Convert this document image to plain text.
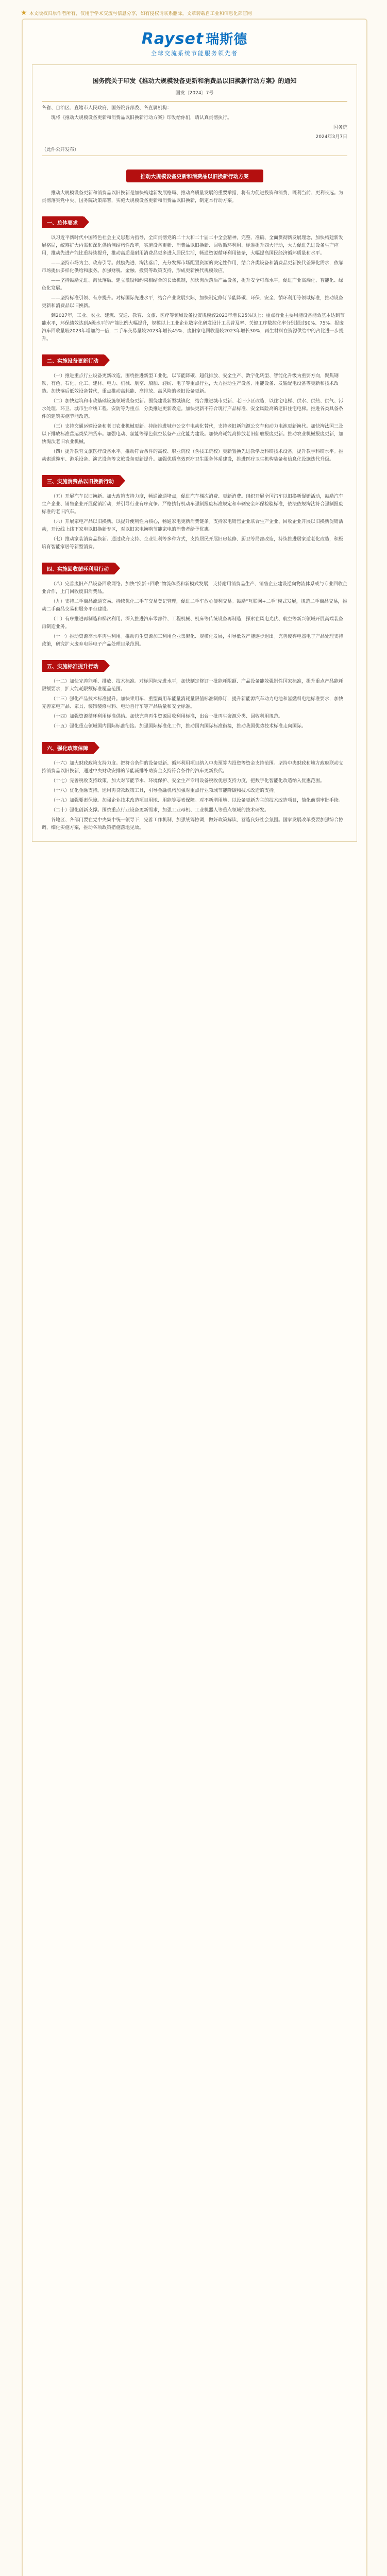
★ 本文版权归原作者所有，仅用于学术交流与信息分享，如有侵权请联系删除。文章转载自工业和信息化部官网
Rayset 瑞斯德
全球交流系统节能服务领先者
国务院关于印发《推动大规模设备更新和消费品以旧换新行动方案》的通知
国发〔2024〕7号
各省、自治区、直辖市人民政府，国务院各部委、各直属机构：
现将《推动大规模设备更新和消费品以旧换新行动方案》印发给你们，请认真贯彻执行。
国务院
2024年3月7日
（此件公开发布）
推动大规模设备更新和消费品以旧换新行动方案
推动大规模设备更新和消费品以旧换新是加快构建新发展格局、推动高质量发展的重要举措，将有力促进投资和消费，既利当前、更利长远。为贯彻落实党中央、国务院决策部署，实施大规模设备更新和消费品以旧换新，制定本行动方案。
一、总体要求
以习近平新时代中国特色社会主义思想为指导，全面贯彻党的二十大和二十届二中全会精神，完整、准确、全面贯彻新发展理念，加快构建新发展格局，统筹扩大内需和深化供给侧结构性改革，实施设备更新、消费品以旧换新、回收循环利用、标准提升四大行动，大力促进先进设备生产应用，推动先进产能比重持续提升，推动高质量耐用消费品更多进入居民生活，畅通资源循环利用链条，大幅提高国民经济循环质量和水平。
——坚持市场为主、政府引导。鼓励先进、淘汰落后，充分发挥市场配置资源的决定性作用，结合各类设备和消费品更新换代差异化需求，依靠市场提供多样化供给和服务。加强财税、金融、投资等政策支持，形成更新换代规模效应。
——坚持鼓励先进、淘汰落后。建立激励和约束相结合的长效机制，加快淘汰落后产品设备，提升安全可靠水平，促进产业高端化、智能化、绿色化发展。
——坚持标准引领、有序提升。对标国际先进水平，结合产业发展实际，加快制定修订节能降碳、环保、安全、循环利用等领域标准，推动设备更新和消费品以旧换新。
到2027年，工业、农业、建筑、交通、教育、文旅、医疗等领域设备投资规模较2023年增长25%以上；重点行业主要用能设备能效基本达到节能水平，环保绩效达到A级水平的产能比例大幅提升，规模以上工业企业数字化研发设计工具普及率、关键工序数控化率分别超过90%、75%。报废汽车回收量较2023年增加约一倍，二手车交易量较2023年增长45%，废旧家电回收量较2023年增长30%，再生材料在资源供给中的占比进一步提升。
二、实施设备更新行动
（一）推进重点行业设备更新改造。围绕推进新型工业化，以节能降碳、超低排放、安全生产、数字化转型、智能化升级为重要方向，聚焦钢铁、有色、石化、化工、建材、电力、机械、航空、船舶、轻纺、电子等重点行业，大力推动生产设备、用能设备、发输配电设备等更新和技术改造。加快落后低效设备替代，重点推动高耗能、高排放、高风险的老旧设备更新。
（二）加快建筑和市政基础设施领域设备更新。围绕建设新型城镇化，结合推进城市更新、老旧小区改造，以住宅电梯、供水、供热、供气、污水处理、环卫、城市生命线工程、安防等为重点，分类推进更新改造。加快更新不符合现行产品标准、安全风险高的老旧住宅电梯。推进各类具备条件的建筑实施节能改造。
（三）支持交通运输设备和老旧农业机械更新。持续推进城市公交车电动化替代，支持老旧新能源公交车和动力电池更新换代。加快淘汰国三及以下排放标准营运类柴油货车。加强电动、氢能等绿色航空装备产业化能力建设。加快高耗能高排放老旧船舶报废更新。推动农业机械报废更新，加快淘汰老旧农业机械。
（四）提升教育文旅医疗设备水平。推动符合条件的高校、职业院校（含技工院校）更新置换先进教学及科研技术设备，提升教学科研水平。推动索道缆车、游乐设备、演艺设备等文旅设备更新提升。加强优质高效医疗卫生服务体系建设，推进医疗卫生机构装备和信息化设施迭代升级。
三、实施消费品以旧换新行动
（五）开展汽车以旧换新。加大政策支持力度，畅通流通堵点，促进汽车梯次消费、更新消费。组织开展全国汽车以旧换新促销活动，鼓励汽车生产企业、销售企业开展促销活动，并引导行业有序竞争。严格执行机动车强制报废标准规定和车辆安全环保检验标准，依法依规淘汰符合强制报废标准的老旧汽车。
（六）开展家电产品以旧换新。以提升便利性为核心，畅通家电更新消费链条。支持家电销售企业联合生产企业、回收企业开展以旧换新促销活动，开设线上线下家电以旧换新专区，对以旧家电换购节能家电的消费者给予优惠。
（七）推动家装消费品换新。通过政府支持、企业让利等多种方式，支持居民开展旧房装修、厨卫等局部改造，持续推进居家适老化改造，积极培育智能家居等新型消费。
四、实施回收循环利用行动
（八）完善废旧产品设备回收网络。加快“换新+回收”物流体系和新模式发展，支持耐用消费品生产、销售企业建设逆向物流体系或与专业回收企业合作，上门回收废旧消费品。
（九）支持二手商品流通交易。持续优化二手车交易登记管理，促进二手车放心便利交易。鼓励“互联网+二手”模式发展，规范二手商品交易，推动二手商品交易和服务平台建设。
（十）有序推进再制造和梯次利用。深入推进汽车零部件、工程机械、机床等传统设备再制造，探索在风电光伏、航空等新兴领域开展高端装备再制造业务。
（十一）推动资源高水平再生利用。推动再生资源加工利用企业集聚化、规模化发展，引导低效产能逐步退出。完善废弃电器电子产品处理支持政策，研究扩大废弃电器电子产品处理目录范围。
五、实施标准提升行动
（十二）加快完善能耗、排放、技术标准。对标国际先进水平，加快制定修订一批能耗限额、产品设备能效强制性国家标准，提升重点产品能耗限额要求，扩大能耗限额标准覆盖范围。
（十三）强化产品技术标准提升。加快乘用车、重型商用车能量消耗量限值标准制修订，提升新能源汽车动力电池和氢燃料电池标准要求，加快完善家电产品、家具、装饰装修材料、电动自行车等产品质量和安全标准。
（十四）加强资源循环利用标准供给。加快完善再生资源回收利用标准，出台一批再生资源分类、回收利用规范。
（十五）强化重点领域国内国际标准衔接。加强国际标准化工作，推动国内国际标准衔接，推动我国优势技术标准走向国际。
六、强化政策保障
（十六）加大财政政策支持力度。把符合条件的设备更新、循环利用项目纳入中央预算内投资等资金支持范围。坚持中央财政和地方政府联动支持消费品以旧换新，通过中央财政安排的节能减排补助资金支持符合条件的汽车更新换代。
（十七）完善税收支持政策。加大对节能节水、环境保护、安全生产专用设备税收优惠支持力度，把数字化智能化改造纳入优惠范围。
（十八）优化金融支持。运用再贷款政策工具，引导金融机构加强对重点行业领域节能降碳和技术改造的支持。
（十九）加强要素保障。加强企业技术改造项目用地、用能等要素保障。对不新增用地、以设备更新为主的技术改造项目，简化前期审批手续。
（二十）强化创新支撑。围绕重点行业设备更新需求，加强工业母机、工业机器人等重点领域的技术研发。
各地区、各部门要在党中央集中统一领导下，完善工作机制，加强统筹协调，做好政策解读，营造良好社会氛围。国家发展改革委要加强综合协调，细化实施方案，推动各项政策措施落地见效。
